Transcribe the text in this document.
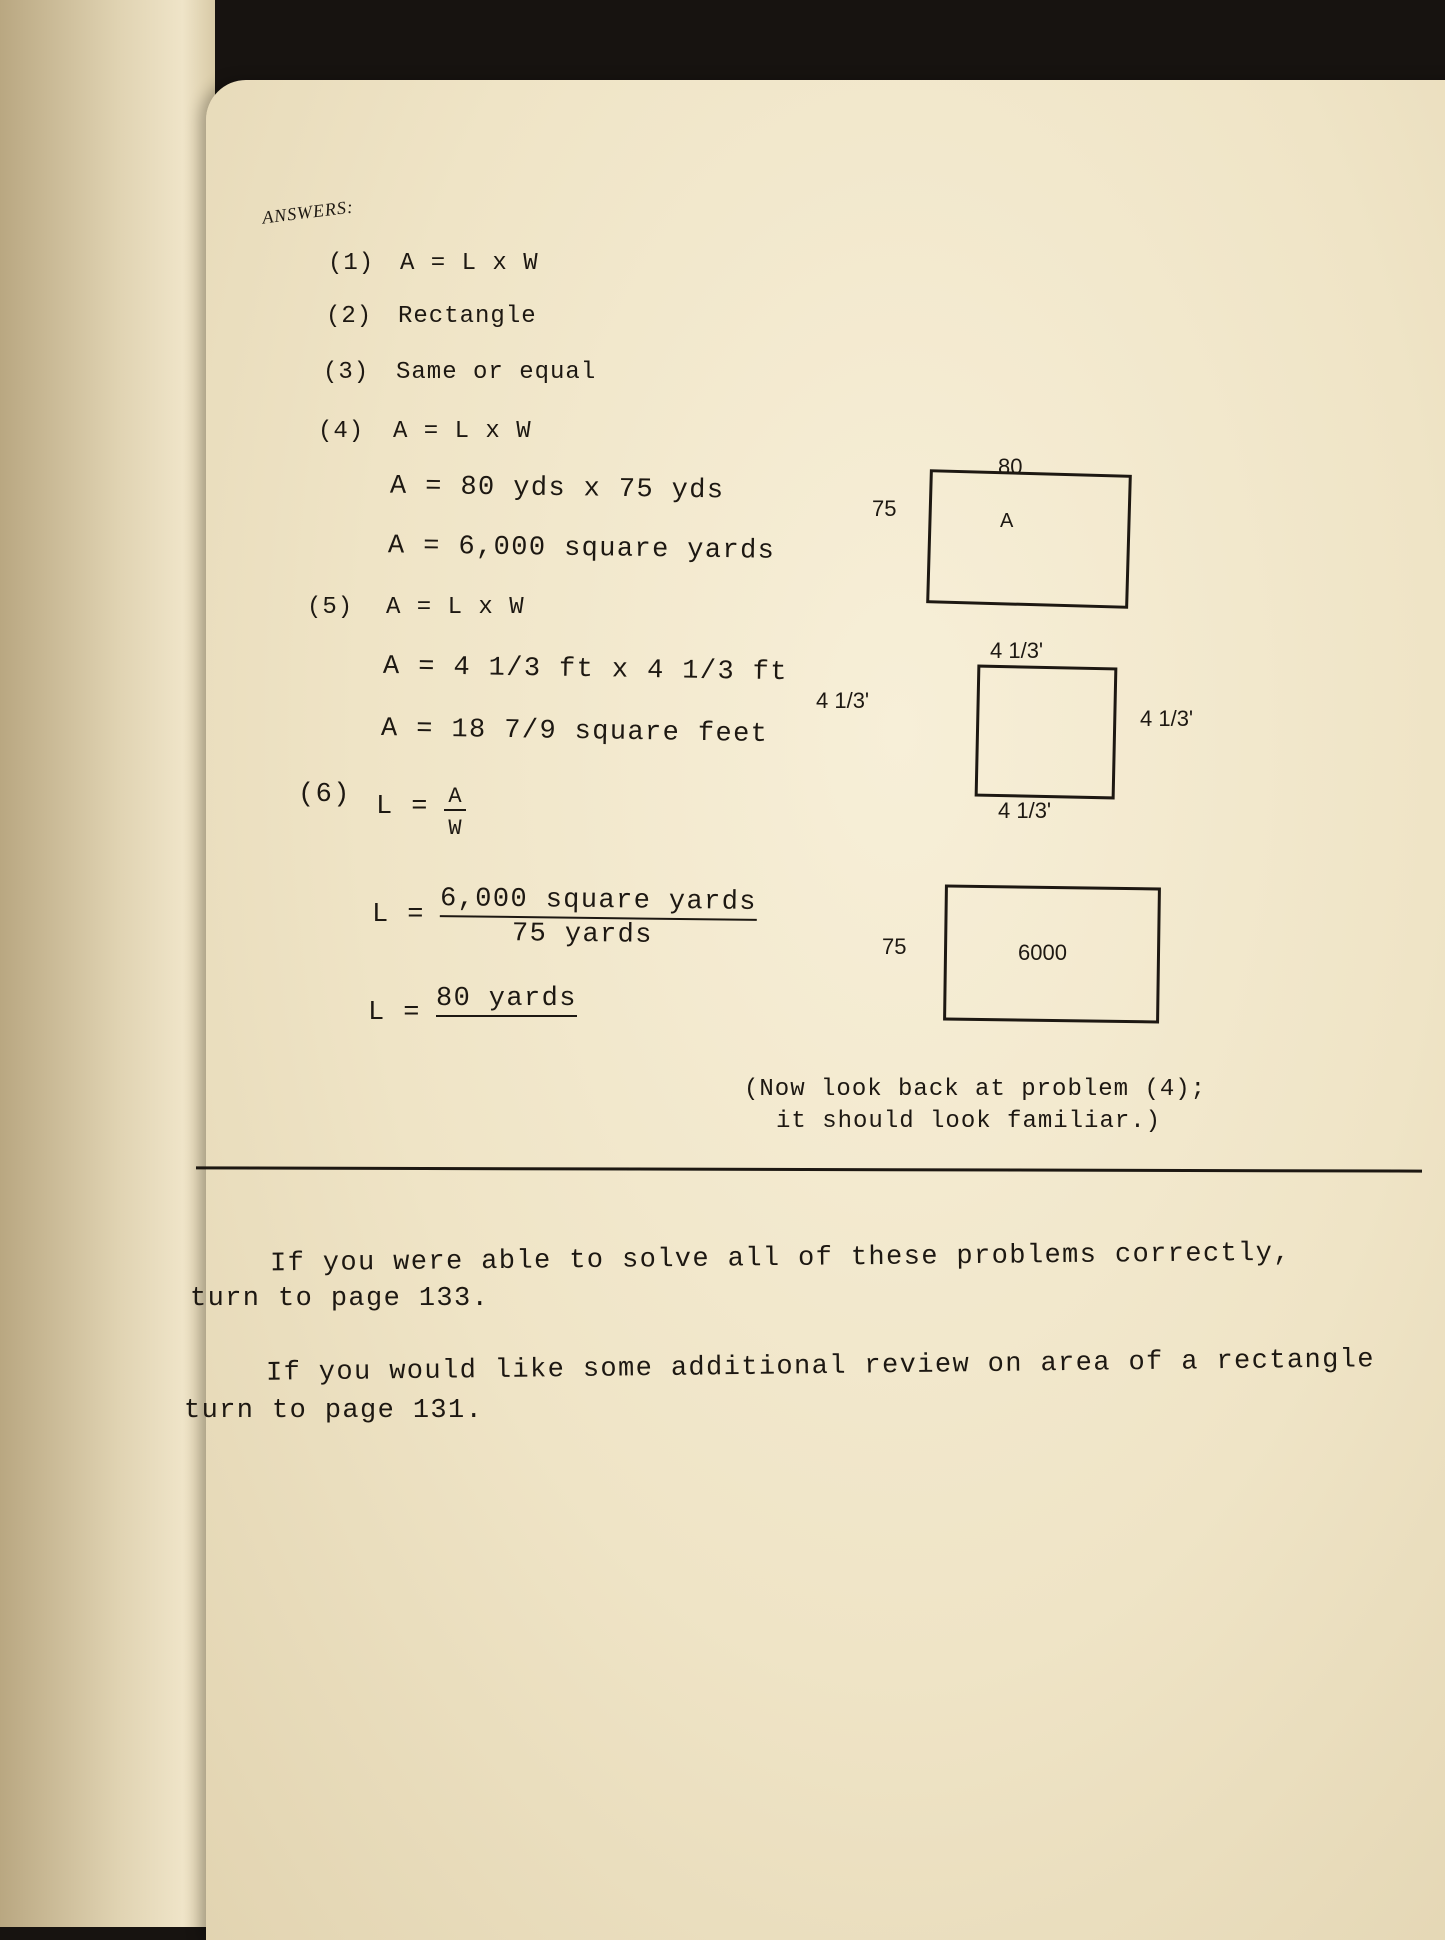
ANSWERS:
(1) A = L x W
(2) Rectangle
(3) Same or equal
(4) A = L x W
A = 80 yds x 75 yds
A = 6,000 square yards
(5) A = L x W
A = 4 1/3 ft x 4 1/3 ft
A = 18 7/9 square feet
(6) L = A
W
L = 6,000 square yards
75 yards
L = 80 yards
80
75	A
4 1/3'
4 1/3'
4 1/3'
4 1/3'
75	6000
(Now look back at problem (4);
it should look familiar.)
If you were able to solve all of these problems correctly,
turn to page 133.
If you would like some additional review on area of a rectangle
turn to page 131.
